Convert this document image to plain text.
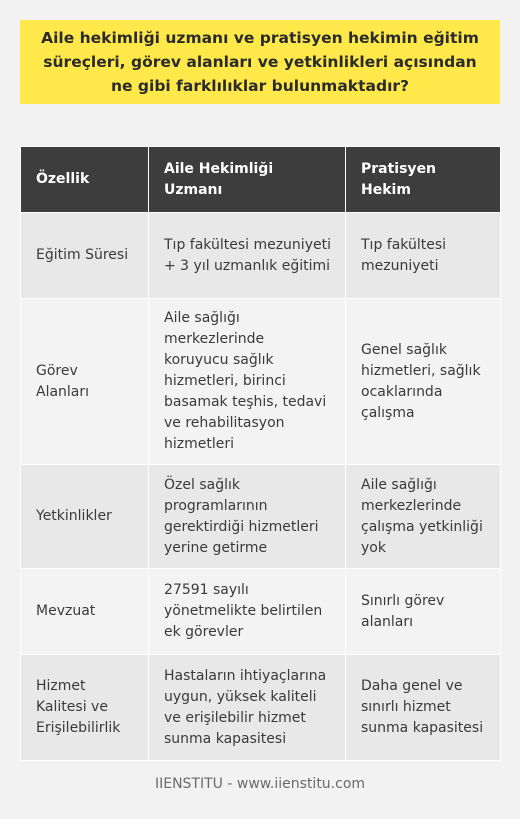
Aile hekimliği uzmanı ve pratisyen hekimin eğitim süreçleri, görev alanları ve yetkinlikleri açısından ne gibi farklılıklar bulunmaktadır?

Özellik	Aile Hekimliği Uzmanı	Pratisyen Hekim
Eğitim Süresi	Tıp fakültesi mezuniyeti + 3 yıl uzmanlık eğitimi	Tıp fakültesi mezuniyeti
Görev Alanları	Aile sağlığı merkezlerinde koruyucu sağlık hizmetleri, birinci basamak teşhis, tedavi ve rehabilitasyon hizmetleri	Genel sağlık hizmetleri, sağlık ocaklarında çalışma
Yetkinlikler	Özel sağlık programlarının gerektirdiği hizmetleri yerine getirme	Aile sağlığı merkezlerinde çalışma yetkinliği yok
Mevzuat	27591 sayılı yönetmelikte belirtilen ek görevler	Sınırlı görev alanları
Hizmet Kalitesi ve Erişilebilirlik	Hastaların ihtiyaçlarına uygun, yüksek kaliteli ve erişilebilir hizmet sunma kapasitesi	Daha genel ve sınırlı hizmet sunma kapasitesi
IIENSTITU - www.iienstitu.com
